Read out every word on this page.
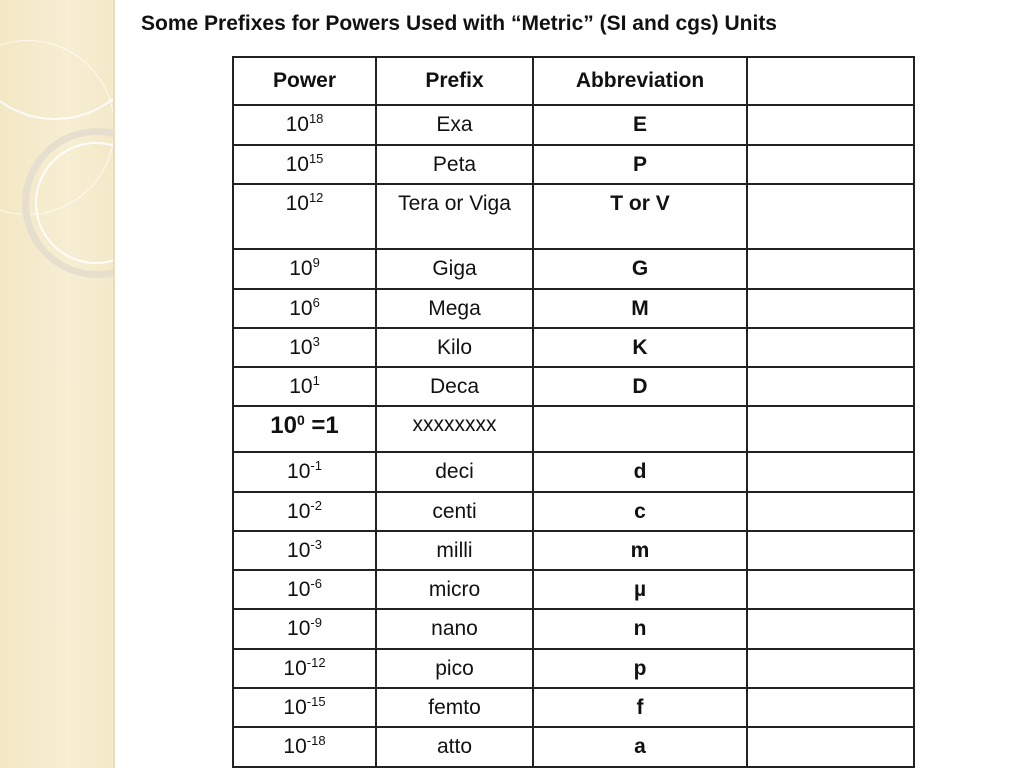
Some Prefixes for Powers Used with “Metric” (SI and cgs) Units
Power	Prefix	Abbreviation	

$10^{18}$	Exa	E	

$10^{15}$	Peta	P	

$10^{12}$	Tera or Viga	T or V	

$10^9$	Giga	G	

$10^6$	Mega	M	

$10^3$	Kilo	K	

$10^1$	Deca	D	

$10^0 =1$	xxxxxxxx		

$10^{-1}$	deci	d	

$10^{-2}$	centi	c	

$10^{-3}$	milli	m	

$10^{-6}$	micro	µ	

$10^{-9}$	nano	n	

$10^{-12}$	pico	p	

$10^{-15}$	femto	f	

$10^{-18}$	atto	a	
